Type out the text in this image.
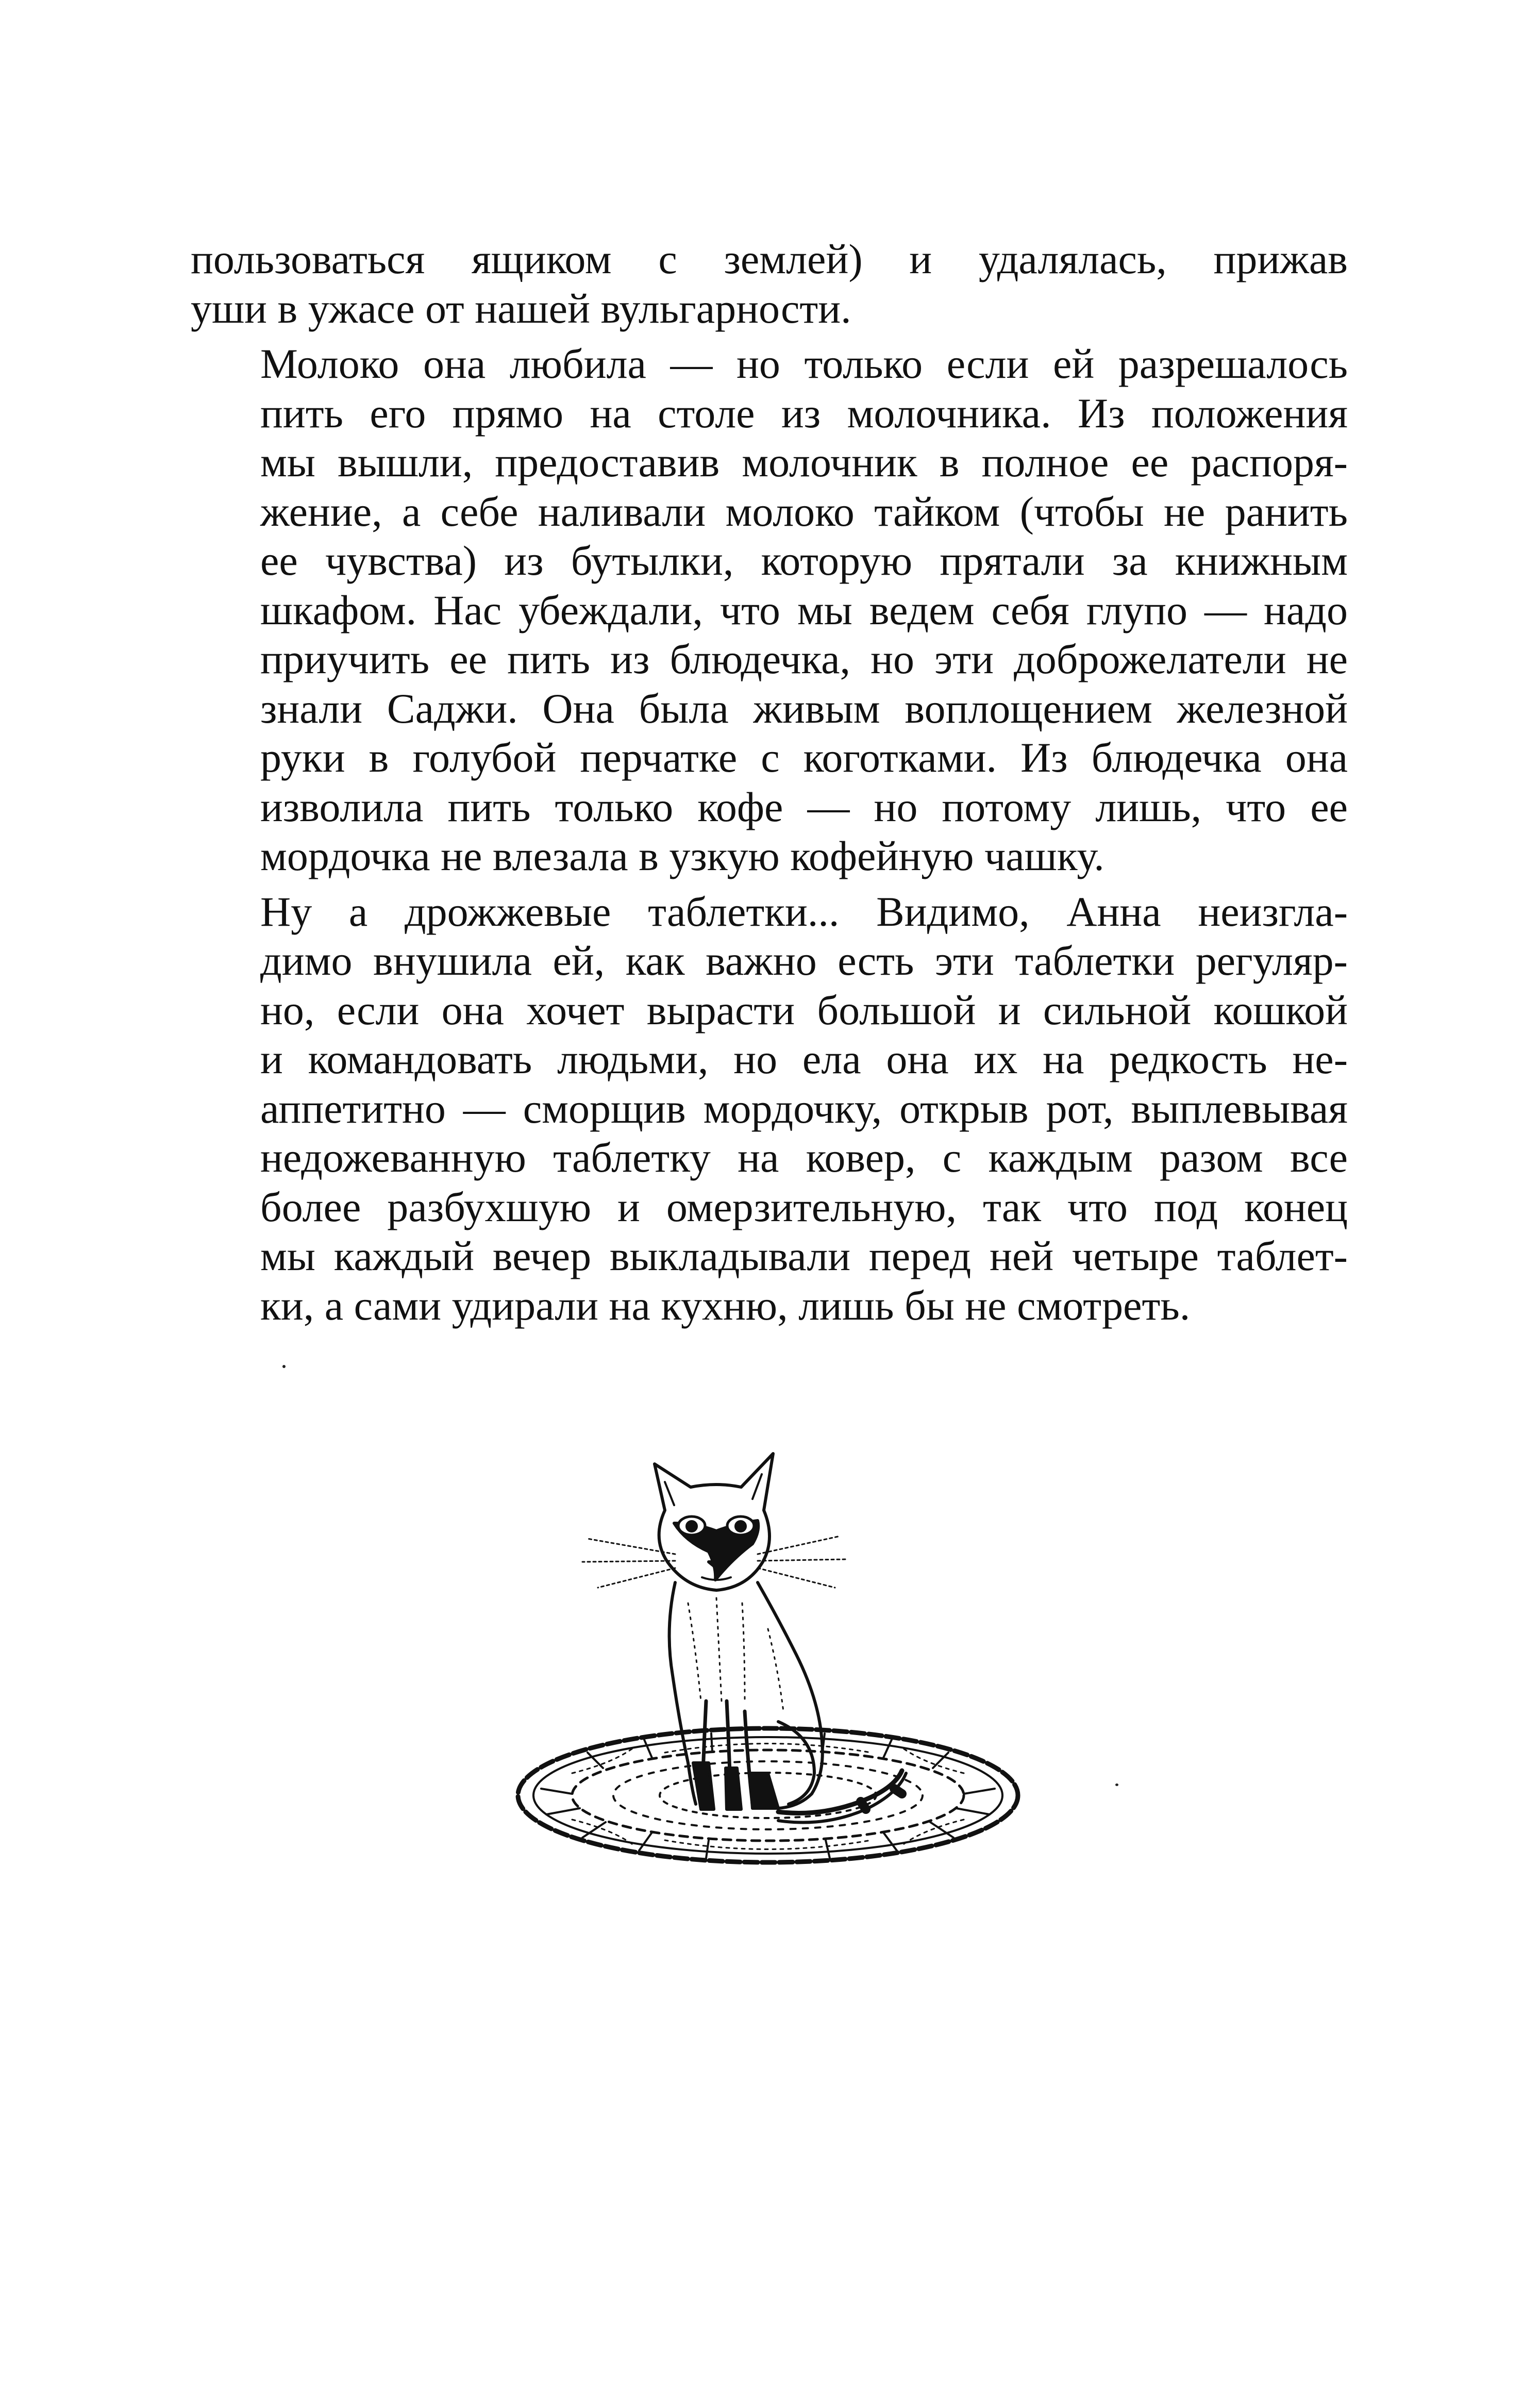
пользоваться ящиком с землей) и удалялась, прижав
уши в ужасе от нашей вульгарности.

Молоко она любила — но только если ей разрешалось
пить его прямо на столе из молочника. Из положения
мы вышли, предоставив молочник в полное ее распоря-
жение, а себе наливали молоко тайком (чтобы не ранить
ее чувства) из бутылки, которую прятали за книжным
шкафом. Нас убеждали, что мы ведем себя глупо — надо
приучить ее пить из блюдечка, но эти доброжелатели не
знали Саджи. Она была живым воплощением железной
руки в голубой перчатке с коготками. Из блюдечка она
изволила пить только кофе — но потому лишь, что ее
мордочка не влезала в узкую кофейную чашку.

Ну а дрожжевые таблетки... Видимо, Анна неизгла-
димо внушила ей, как важно есть эти таблетки регуляр-
но, если она хочет вырасти большой и сильной кошкой
и командовать людьми, но ела она их на редкость не-
аппетитно — сморщив мордочку, открыв рот, выплевывая
недожеванную таблетку на ковер, с каждым разом все
более разбухшую и омерзительную, так что под конец
мы каждый вечер выкладывали перед ней четыре таблет-
ки, а сами удирали на кухню, лишь бы не смотреть.
